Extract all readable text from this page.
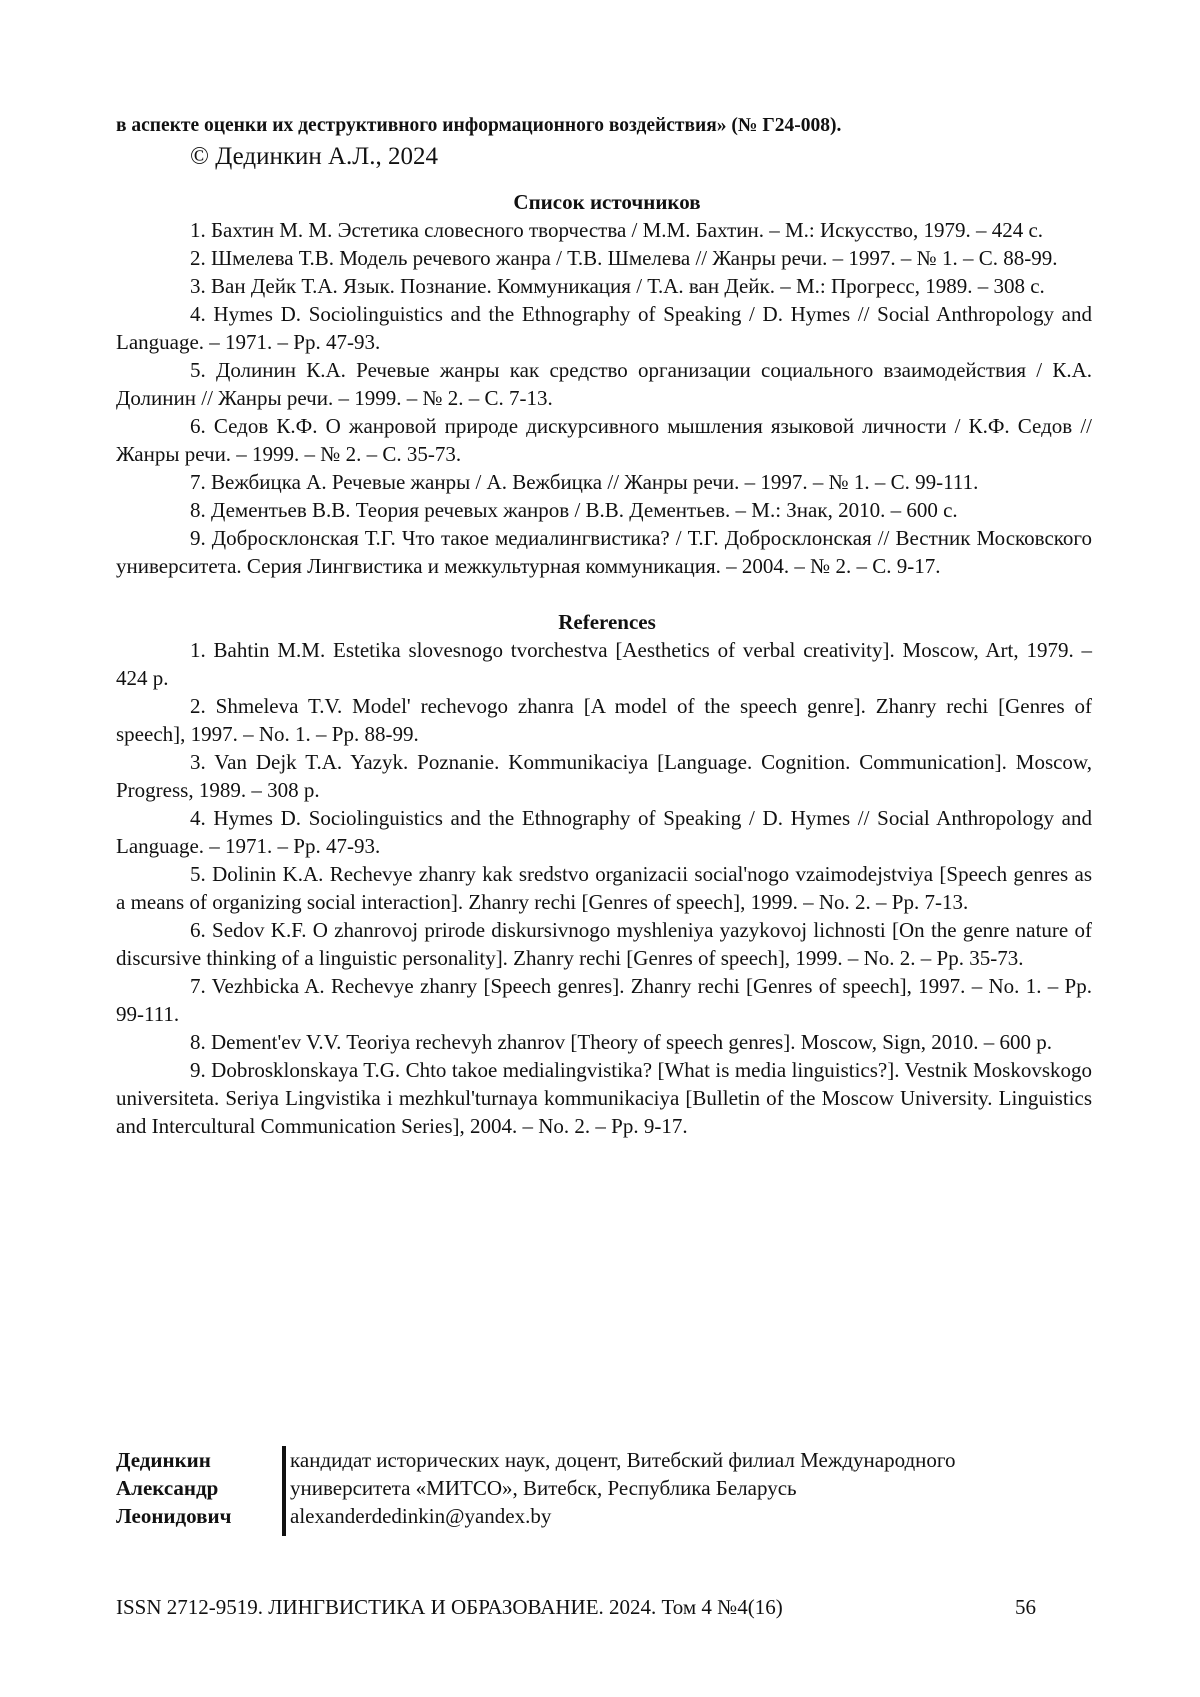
в аспекте оценки их деструктивного информационного воздействия» (№ Г24-008).
© Дединкин А.Л., 2024
Список источников

1. Бахтин М. М. Эстетика словесного творчества / М.М. Бахтин. – М.: Искусство, 1979. – 424 с.

2. Шмелева Т.В. Модель речевого жанра / Т.В. Шмелева // Жанры речи. – 1997. – № 1. – С. 88-99.

3. Ван Дейк Т.А. Язык. Познание. Коммуникация / Т.А. ван Дейк. – М.: Прогресс, 1989. – 308 с.

4. Hymes D. Sociolinguistics and the Ethnography of Speaking / D. Hymes // Social Anthropology and Language. – 1971. – Pp. 47-93.

5. Долинин К.А. Речевые жанры как средство организации социального взаимодействия / К.А. Долинин // Жанры речи. – 1999. – № 2. – С. 7-13.

6. Седов К.Ф. О жанровой природе дискурсивного мышления языковой личности / К.Ф. Седов // Жанры речи. – 1999. – № 2. – С. 35-73.

7. Вежбицка А. Речевые жанры / А. Вежбицка // Жанры речи. – 1997. – № 1. – С. 99-111.

8. Дементьев В.В. Теория речевых жанров / В.В. Дементьев. – М.: Знак, 2010. – 600 с.

9. Добросклонская Т.Г. Что такое медиалингвистика? / Т.Г. Добросклонская // Вестник Московского университета. Серия Лингвистика и межкультурная коммуникация. – 2004. – № 2. – С. 9-17.

References

1. Bahtin M.M. Estetika slovesnogo tvorchestva [Aesthetics of verbal creativity]. Moscow, Art, 1979. – 424 p.

2. Shmeleva T.V. Model' rechevogo zhanra [A model of the speech genre]. Zhanry rechi [Genres of speech], 1997. – No. 1. – Pp. 88-99.

3. Van Dejk T.A. Yazyk. Poznanie. Kommunikaciya [Language. Cognition. Communication]. Moscow, Progress, 1989. – 308 p.

4. Hymes D. Sociolinguistics and the Ethnography of Speaking / D. Hymes // Social Anthropology and Language. – 1971. – Pp. 47-93.

5. Dolinin K.A. Rechevye zhanry kak sredstvo organizacii social'nogo vzaimodejstviya [Speech genres as a means of organizing social interaction]. Zhanry rechi [Genres of speech], 1999. – No. 2. – Pp. 7-13.

6. Sedov K.F. O zhanrovoj prirode diskursivnogo myshleniya yazykovoj lichnosti [On the genre nature of discursive thinking of a linguistic personality]. Zhanry rechi [Genres of speech], 1999. – No. 2. – Pp. 35-73.

7. Vezhbicka A. Rechevye zhanry [Speech genres]. Zhanry rechi [Genres of speech], 1997. – No. 1. – Pp. 99-111.

8. Dement'ev V.V. Teoriya rechevyh zhanrov [Theory of speech genres]. Moscow, Sign, 2010. – 600 p.

9. Dobrosklonskaya T.G. Chto takoe medialingvistika? [What is media linguistics?]. Vestnik Moskovskogo universiteta. Seriya Lingvistika i mezhkul'turnaya kommunikaciya [Bulletin of the Moscow University. Linguistics and Intercultural Communication Series], 2004. – No. 2. – Pp. 9-17.

Дединкин
Александр
Леонидович
кандидат исторических наук, доцент, Витебский филиал Международного
университета «МИТСО», Витебск, Республика Беларусь
alexanderdedinkin@yandex.by
ISSN 2712-9519. ЛИНГВИСТИКА И ОБРАЗОВАНИЕ. 2024. Том 4 №4(16)	56
